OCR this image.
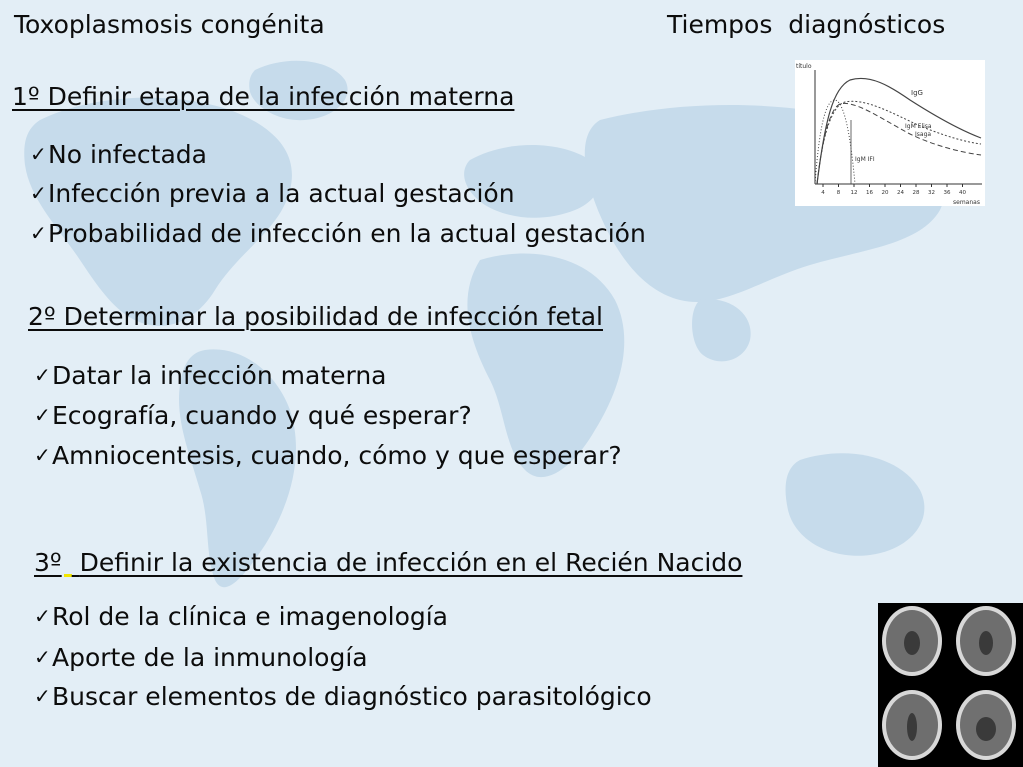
Toxoplasmosis congénita	Tiempos  diagnósticos
1º Definir etapa de la infección materna
✓No infectada
✓Infección previa a la actual gestación
✓Probabilidad de infección en la actual gestación
2º Determinar la posibilidad de infección fetal
✓Datar la infección materna
✓Ecografía, cuando y qué esperar?
✓Amniocentesis, cuando, cómo y que esperar?
3º Definir la existencia de infección en el Recién Nacido
✓Rol de la clínica e imagenología
✓Aporte de la inmunología
✓Buscar elementos de diagnóstico parasitológico
título
4 8 12 16 20 24 28 32 36 40
semanas
IgG
IgM Elisa
Isaga
IgM IFI
